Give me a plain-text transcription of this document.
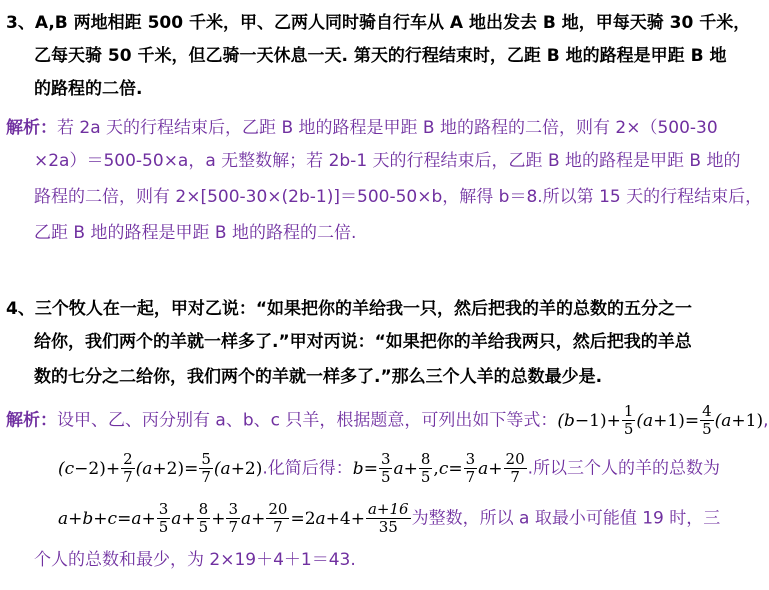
3、A,B 两地相距 500 千米，甲、乙两人同时骑自行车从 A 地出发去 B 地，甲每天骑 30 千米，
乙每天骑 50 千米，但乙骑一天休息一天. 第天的行程结束时，乙距 B 地的路程是甲距 B 地
的路程的二倍.
解析：若 2a 天的行程结束后，乙距 B 地的路程是甲距 B 地的路程的二倍，则有 2×（500-30
×2a）＝500-50×a，a 无整数解；若 2b-1 天的行程结束后，乙距 B 地的路程是甲距 B 地的
路程的二倍，则有 2×[500-30×(2b-1)]＝500-50×b，解得 b＝8.所以第 15 天的行程结束后，
乙距 B 地的路程是甲距 B 地的路程的二倍.
4、三个牧人在一起，甲对乙说：“如果把你的羊给我一只，然后把我的羊的总数的五分之一
给你，我们两个的羊就一样多了.”甲对丙说：“如果把你的羊给我两只，然后把我的羊总
数的七分之二给你，我们两个的羊就一样多了.”那么三个人羊的总数最少是.
解析：设甲、乙、丙分别有 a、b、c 只羊，根据题意，可列出如下等式：$(b-1)+ \frac{1}{5} (a+1)= \frac{4}{5} (a+1)$,
$(c-2)+ \frac{2}{7} (a+2)= \frac{5}{7} (a+2)$.化简后得：$b= \frac{3}{5} a+ \frac{8}{5} ,c= \frac{3}{7} a+ \frac{20}{7}$ .所以三个人的羊的总数为
$a+b+c=a+ \frac{3}{5} a+ \frac{8}{5} + \frac{3}{7} a+ \frac{20}{7} =2a+4+ \frac{a+16}{35}$ 为整数，所以 a 取最小可能值 19 时，三
个人的总数和最少，为 2×19＋4＋1＝43.
